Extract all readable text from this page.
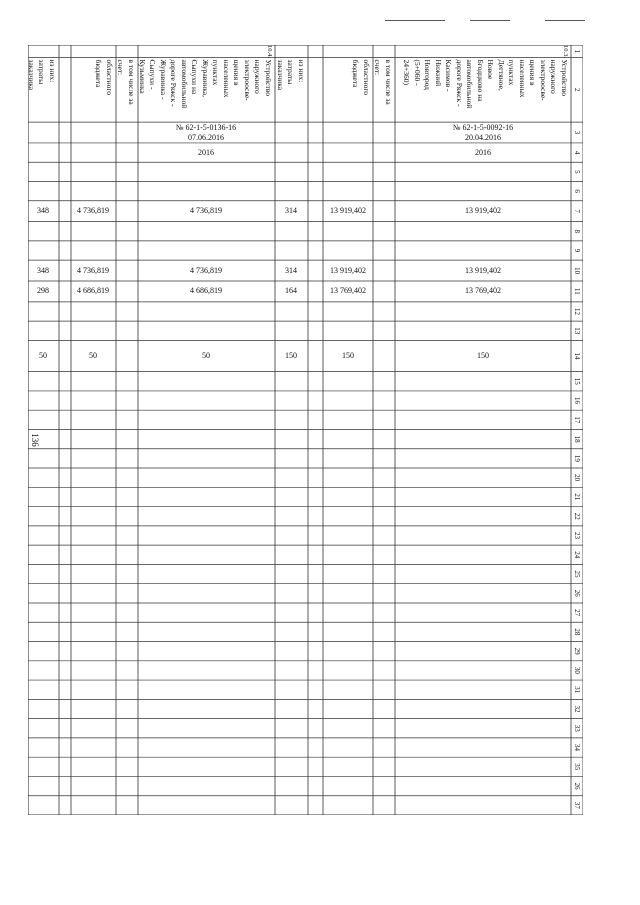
136
1
2
3
4
5
6
7
8
9
10
11
12
13
14
15
16
17
18
19
20
21
22
23
24
25
26
27
28
29
30
31
32
33
34
35
26
37
10.3.
Устройство
наружного
электроосве-
щения в
населенных
пунктах
Дегтяное,
Новое
Бгодцково на
автомобильной
дороге Ряжск -
Касимов -
Нижний
Новгород
(5+060 -
24+360)
№ 62-1-5-0092-16
20.04.2016
2016
13 919,402
13 919,402
13 769,402
150
в том числе за
счет:
областного
бюджета
13 919,402
13 919,402
13 769,402
150
из них:
затраты
заказчика
314
314
164
150
10.4.
Устройство
наружного
электроосве-
щения в
населенных
пунктах
Журавинка,
Сыпухи на
автомобильной
дороге Ряжск -
Журавинка -
Сыпухи -
Кузьминка
№ 62-1-5-0136-16
07.06.2016
2016
4 736,819
4 736,819
4 686,819
50
в том числе за
счет:
областного
бюджета
4 736,819
4 736,819
4 686,819
50
из них:
затраты
заказчика
348
348
298
50
